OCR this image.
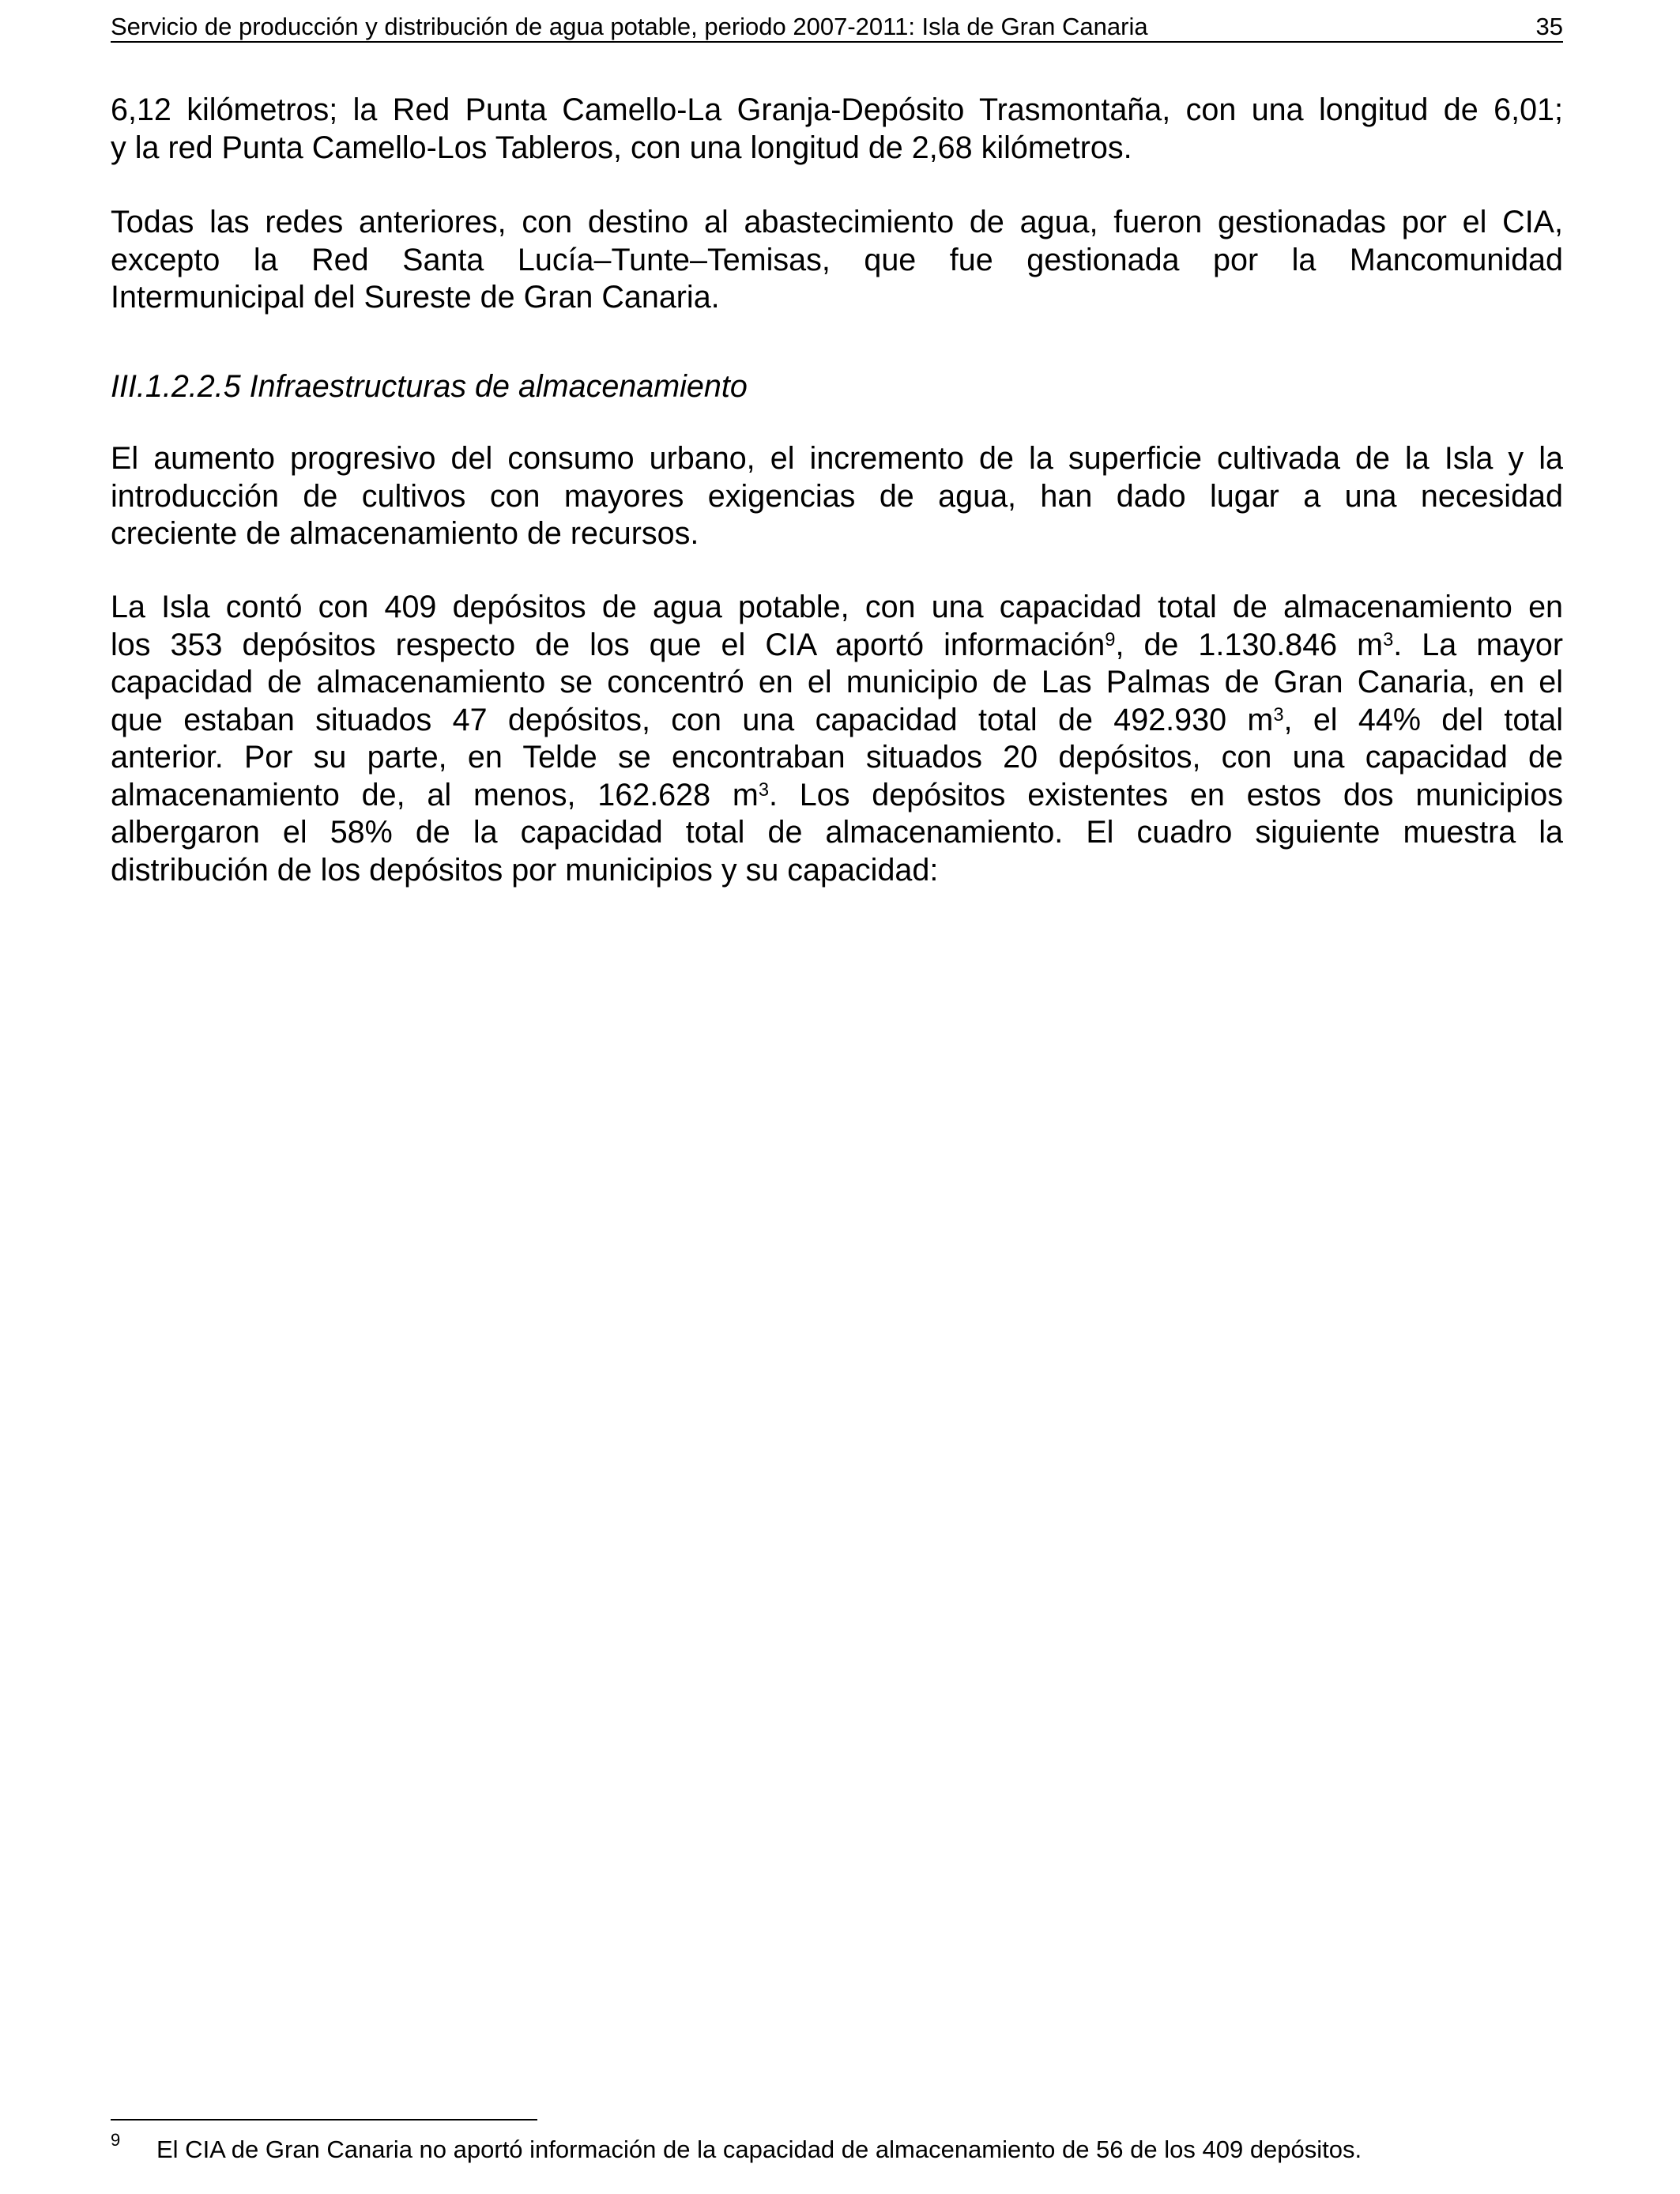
Servicio de producción y distribución de agua potable, periodo 2007-2011: Isla de Gran Canaria	35
6,12 kilómetros; la Red Punta Camello-La Granja-Depósito Trasmontaña, con una longitud de 6,01;
y la red Punta Camello-Los Tableros, con una longitud de 2,68 kilómetros.
Todas las redes anteriores, con destino al abastecimiento de agua, fueron gestionadas por el CIA,
excepto la Red Santa Lucía–Tunte–Temisas, que fue gestionada por la Mancomunidad
Intermunicipal del Sureste de Gran Canaria.
III.1.2.2.5 Infraestructuras de almacenamiento
El aumento progresivo del consumo urbano, el incremento de la superficie cultivada de la Isla y la
introducción de cultivos con mayores exigencias de agua, han dado lugar a una necesidad
creciente de almacenamiento de recursos.
La Isla contó con 409 depósitos de agua potable, con una capacidad total de almacenamiento en
los 353 depósitos respecto de los que el CIA aportó información$^9$, de 1.130.846 $m^3$. La mayor
capacidad de almacenamiento se concentró en el municipio de Las Palmas de Gran Canaria, en el
que estaban situados 47 depósitos, con una capacidad total de 492.930 $m^3$, el 44% del total
anterior. Por su parte, en Telde se encontraban situados 20 depósitos, con una capacidad de
almacenamiento de, al menos, 162.628 $m^3$. Los depósitos existentes en estos dos municipios
albergaron el 58% de la capacidad total de almacenamiento. El cuadro siguiente muestra la
distribución de los depósitos por municipios y su capacidad:
9 El CIA de Gran Canaria no aportó información de la capacidad de almacenamiento de 56 de los 409 depósitos.
